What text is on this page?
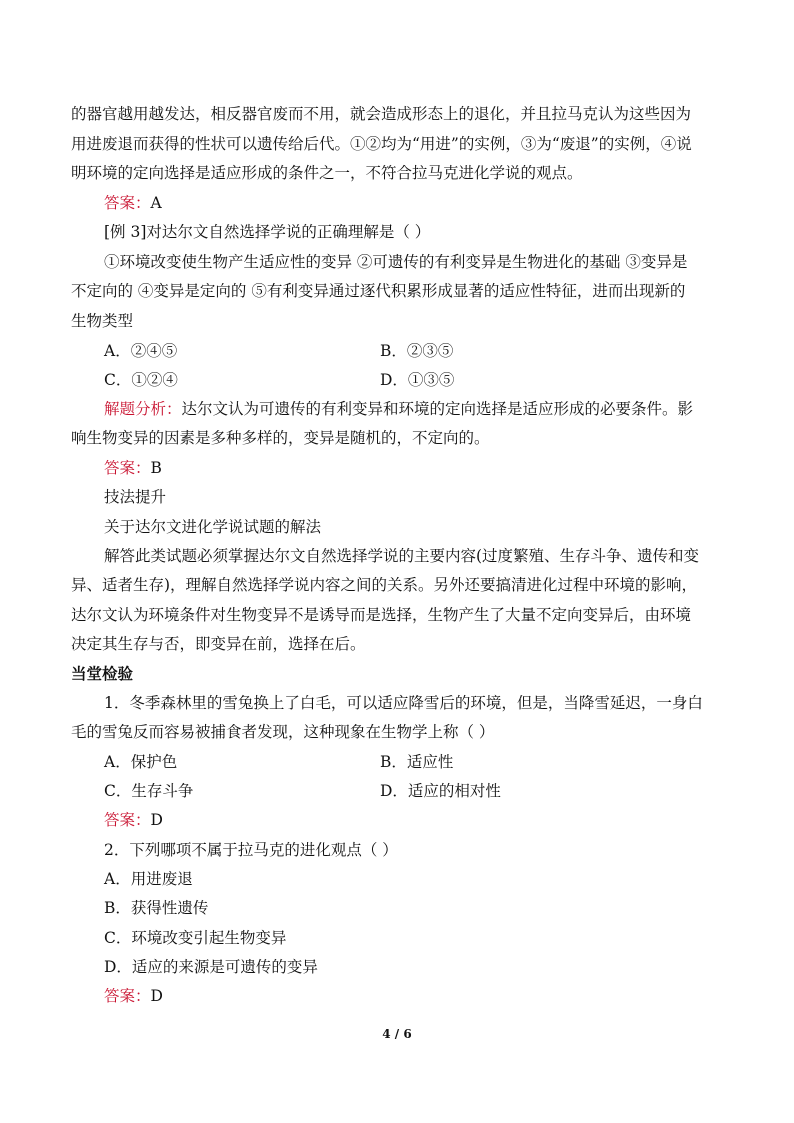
的器官越用越发达，相反器官废而不用，就会造成形态上的退化，并且拉马克认为这些因为
用进废退而获得的性状可以遗传给后代。①②均为“用进”的实例，③为“废退”的实例，④说
明环境的定向选择是适应形成的条件之一，不符合拉马克进化学说的观点。
答案：A
[例 3]对达尔文自然选择学说的正确理解是（ ）
①环境改变使生物产生适应性的变异 ②可遗传的有利变异是生物进化的基础 ③变异是
不定向的 ④变异是定向的 ⑤有利变异通过逐代积累形成显著的适应性特征，进而出现新的
生物类型
A．②④⑤	B．②③⑤
C．①②④	D．①③⑤
解题分析：达尔文认为可遗传的有利变异和环境的定向选择是适应形成的必要条件。影
响生物变异的因素是多种多样的，变异是随机的，不定向的。
答案：B
技法提升
关于达尔文进化学说试题的解法
解答此类试题必须掌握达尔文自然选择学说的主要内容(过度繁殖、生存斗争、遗传和变
异、适者生存)，理解自然选择学说内容之间的关系。另外还要搞清进化过程中环境的影响，
达尔文认为环境条件对生物变异不是诱导而是选择，生物产生了大量不定向变异后，由环境
决定其生存与否，即变异在前，选择在后。
当堂检验
1．冬季森林里的雪兔换上了白毛，可以适应降雪后的环境，但是，当降雪延迟，一身白
毛的雪兔反而容易被捕食者发现，这种现象在生物学上称（ ）
A．保护色	B．适应性
C．生存斗争	D．适应的相对性
答案：D
2．下列哪项不属于拉马克的进化观点（ ）
A．用进废退
B．获得性遗传
C．环境改变引起生物变异
D．适应的来源是可遗传的变异
答案：D
4 / 6
